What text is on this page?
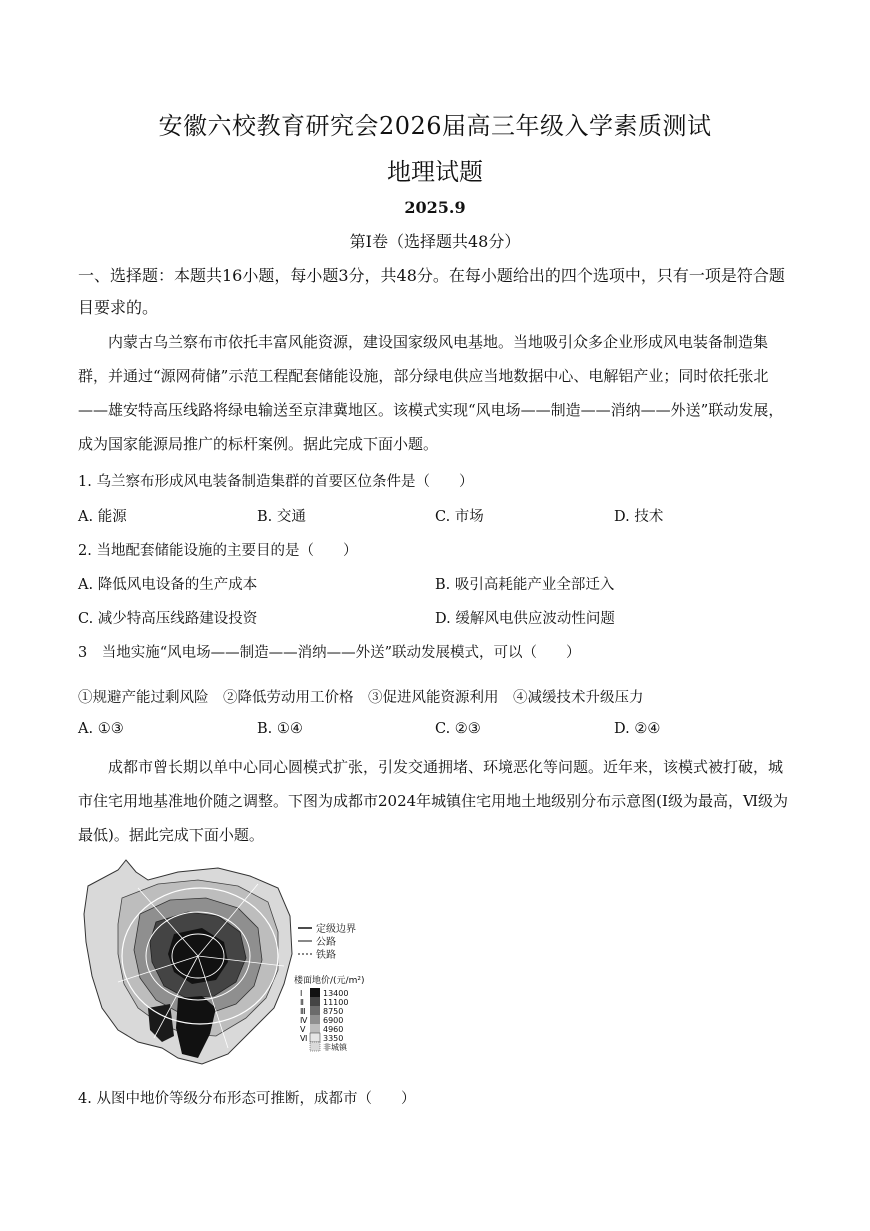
安徽六校教育研究会2026届高三年级入学素质测试
地理试题
2025.9
第Ⅰ卷（选择题共48分）
一、选择题：本题共16小题，每小题3分，共48分。在每小题给出的四个选项中，只有一项是符合题目要求的。
内蒙古乌兰察布市依托丰富风能资源，建设国家级风电基地。当地吸引众多企业形成风电装备制造集群，并通过“源网荷储”示范工程配套储能设施，部分绿电供应当地数据中心、电解铝产业；同时依托张北——雄安特高压线路将绿电输送至京津冀地区。该模式实现“风电场——制造——消纳——外送”联动发展，成为国家能源局推广的标杆案例。据此完成下面小题。
1. 乌兰察布形成风电装备制造集群的首要区位条件是（　　）
A. 能源	B. 交通	C. 市场	D. 技术
2. 当地配套储能设施的主要目的是（　　）
A. 降低风电设备的生产成本	B. 吸引高耗能产业全部迁入
C. 减少特高压线路建设投资	D. 缓解风电供应波动性问题
3　当地实施“风电场——制造——消纳——外送”联动发展模式，可以（　　）
①规避产能过剩风险　②降低劳动用工价格　③促进风能资源利用　④减缓技术升级压力
A. ①③	B. ①④	C. ②③	D. ②④
成都市曾长期以单中心同心圆模式扩张，引发交通拥堵、环境恶化等问题。近年来，该模式被打破，城市住宅用地基准地价随之调整。下图为成都市2024年城镇住宅用地土地级别分布示意图(Ⅰ级为最高，Ⅵ级为最低)。据此完成下面小题。
定级边界
公路
铁路
楼面地价/(元/m²)
Ⅰ	13400
Ⅱ 11100
Ⅲ 8750
Ⅳ 6900
Ⅴ 4960
Ⅵ 3350
非城镇
4. 从图中地价等级分布形态可推断，成都市（　　）
